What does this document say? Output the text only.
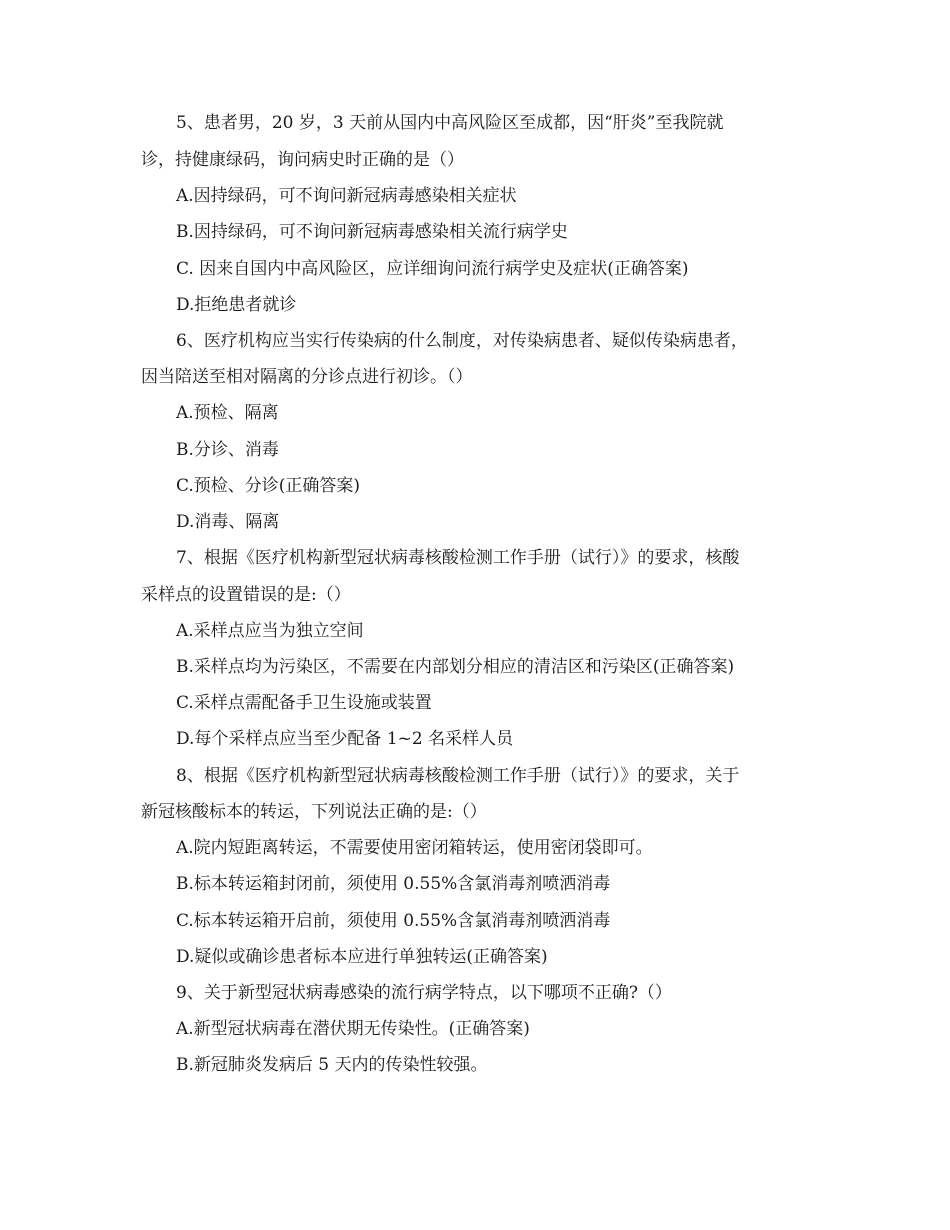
5、患者男，20 岁，3 天前从国内中高风险区至成都，因“肝炎”至我院就
诊，持健康绿码，询问病史时正确的是（）
A.因持绿码，可不询问新冠病毒感染相关症状
B.因持绿码，可不询问新冠病毒感染相关流行病学史
C. 因来自国内中高风险区，应详细询问流行病学史及症状(正确答案)
D.拒绝患者就诊
6、医疗机构应当实行传染病的什么制度，对传染病患者、疑似传染病患者，
因当陪送至相对隔离的分诊点进行初诊。（）
A.预检、隔离
B.分诊、消毒
C.预检、分诊(正确答案)
D.消毒、隔离
7、根据《医疗机构新型冠状病毒核酸检测工作手册（试行）》的要求，核酸
采样点的设置错误的是:（）
A.采样点应当为独立空间
B.采样点均为污染区，不需要在内部划分相应的清洁区和污染区(正确答案)
C.采样点需配备手卫生设施或装置
D.每个采样点应当至少配备 1~2 名采样人员
8、根据《医疗机构新型冠状病毒核酸检测工作手册（试行）》的要求，关于
新冠核酸标本的转运，下列说法正确的是:（）
A.院内短距离转运，不需要使用密闭箱转运，使用密闭袋即可。
B.标本转运箱封闭前，须使用 0.55%含氯消毒剂喷洒消毒
C.标本转运箱开启前，须使用 0.55%含氯消毒剂喷洒消毒
D.疑似或确诊患者标本应进行单独转运(正确答案)
9、关于新型冠状病毒感染的流行病学特点，以下哪项不正确?（）
A.新型冠状病毒在潜伏期无传染性。(正确答案)
B.新冠肺炎发病后 5 天内的传染性较强。
